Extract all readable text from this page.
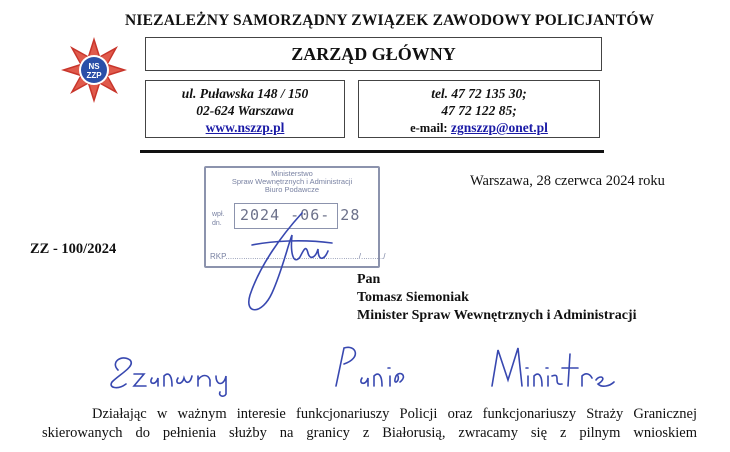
NIEZALEŻNY SAMORZĄDNY ZWIĄZEK ZAWODOWY POLICJANTÓW
NS
ZZP
ZARZĄD GŁÓWNY
ul. Puławska 148 / 150
02-624 Warszawa
www.nszzp.pl
tel. 47 72 135 30;
47 72 122 85;
e-mail: zgnszzp@onet.pl
Ministerstwo
Spraw Wewnętrznych i Administracji
Biuro Podawcze
wpł.
dn. 2024 -06- 28
RKP............................................................/........../
Warszawa, 28 czerwca 2024 roku
ZZ - 100/2024
Pan
Tomasz Siemoniak
Minister Spraw Wewnętrznych i Administracji
Działając w ważnym interesie funkcjonariuszy Policji oraz funkcjonariuszy Straży Granicznej
skierowanych do pełnienia służby na granicy z Białorusią, zwracamy się z pilnym wnioskiem
